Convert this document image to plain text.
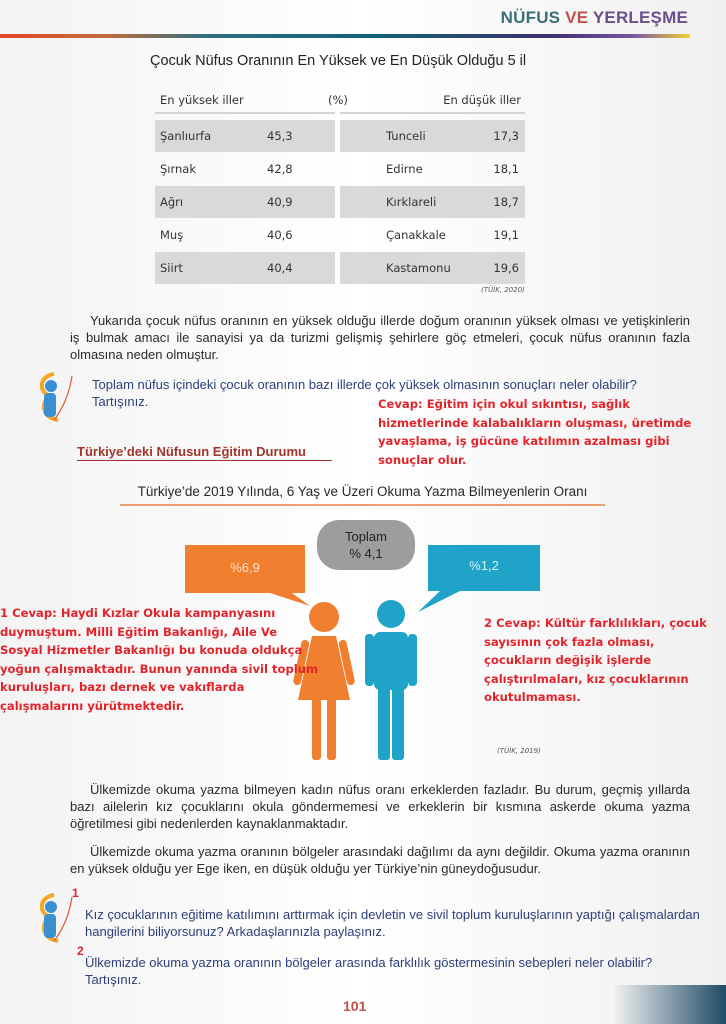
NÜFUS VE YERLEŞME
Çocuk Nüfus Oranının En Yüksek ve En Düşük Olduğu 5 il
En yüksek iller	(%)	En düşük iller
Şanlıurfa	45,3	Tunceli	17,3
Şırnak	42,8	Edirne	18,1
Ağrı	40,9	Kırklareli	18,7
Muş	40,6	Çanakkale	19,1
Siirt	40,4	Kastamonu	19,6
(TÜİK, 2020)
Yukarıda çocuk nüfus oranının en yüksek olduğu illerde doğum oranının yüksek olması ve yetişkinlerin iş bulmak amacı ile sanayisi ya da turizmi gelişmiş şehirlere göç etmeleri, çocuk nüfus oranının fazla olmasına neden olmuştur.
Toplam nüfus içindeki çocuk oranının bazı illerde çok yüksek olmasının sonuçları neler olabilir? Tartışınız.	Cevap: Eğitim için okul sıkıntısı, sağlık hizmetlerinde kalabalıkların oluşması, üretimde yavaşlama, iş gücüne katılımın azalması gibi sonuçlar olur.
Türkiye’deki Nüfusun Eğitim Durumu
Türkiye’de 2019 Yılında, 6 Yaş ve Üzeri Okuma Yazma Bilmeyenlerin Oranı
Toplam
% 4,1
%6,9	%1,2
1 Cevap: Haydi Kızlar Okula kampanyasını duymuştum. Milli Eğitim Bakanlığı, Aile Ve Sosyal Hizmetler Bakanlığı bu konuda oldukça yoğun çalışmaktadır. Bunun yanında sivil toplum kuruluşları, bazı dernek ve vakıflarda çalışmalarını yürütmektedir.
2 Cevap: Kültür farklılıkları, çocuk sayısının çok fazla olması, çocukların değişik işlerde çalıştırılmaları, kız çocuklarının okutulmaması.
(TÜİK, 2019)
Ülkemizde okuma yazma bilmeyen kadın nüfus oranı erkeklerden fazladır. Bu durum, geçmiş yıllarda bazı ailelerin kız çocuklarını okula göndermemesi ve erkeklerin bir kısmına askerde okuma yazma öğretilmesi gibi nedenlerden kaynaklanmaktadır.
Ülkemizde okuma yazma oranının bölgeler arasındaki dağılımı da aynı değildir. Okuma yazma oranının en yüksek olduğu yer Ege iken, en düşük olduğu yer Türkiye’nin güneydoğusudur.
1
Kız çocuklarının eğitime katılımını arttırmak için devletin ve sivil toplum kuruluşlarının yaptığı çalışmalardan hangilerini biliyorsunuz? Arkadaşlarınızla paylaşınız.
2
Ülkemizde okuma yazma oranının bölgeler arasında farklılık göstermesinin sebepleri neler olabilir? Tartışınız.
101
